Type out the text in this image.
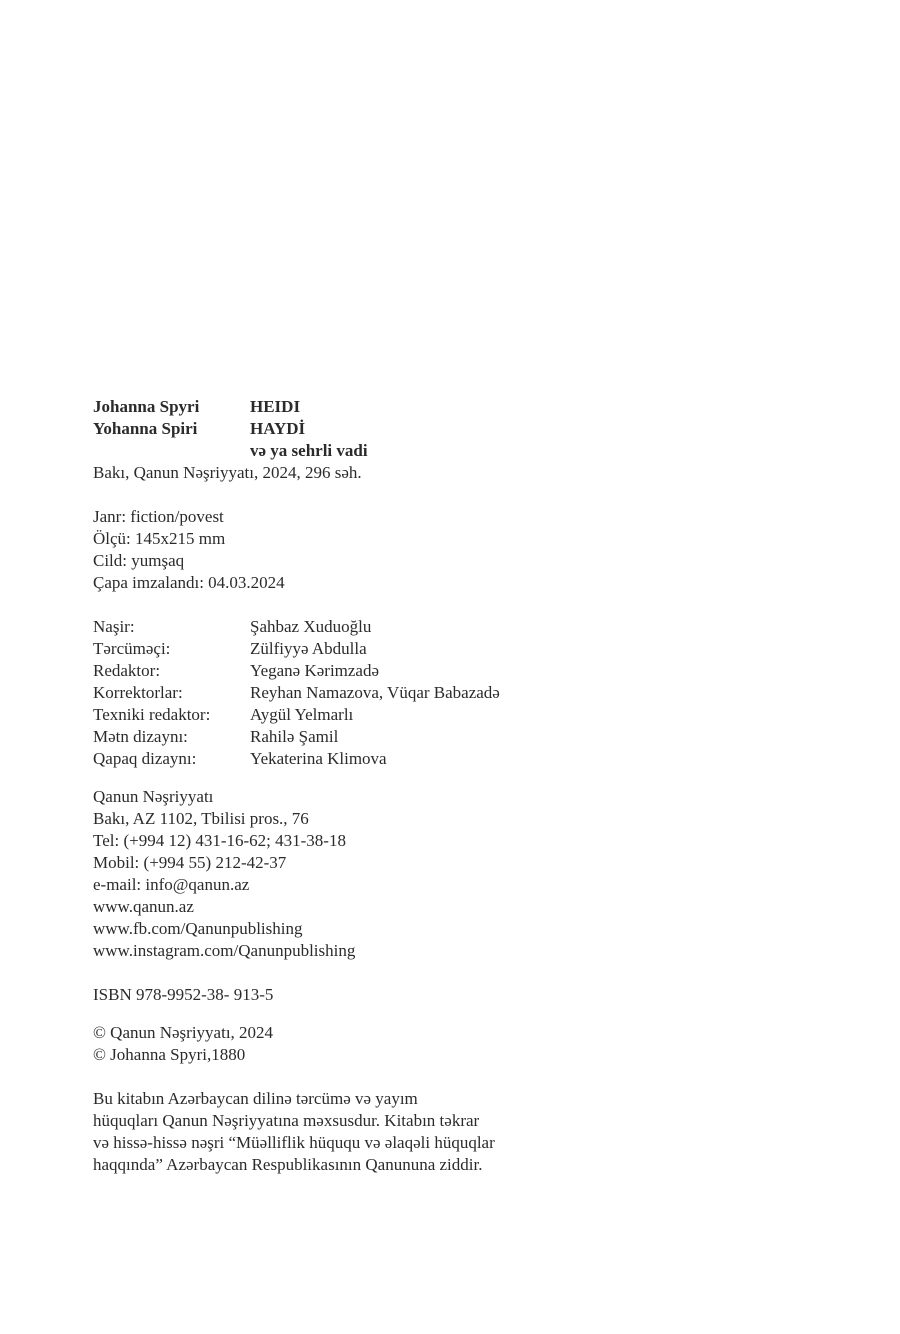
Johanna Spyri	HEIDI
Yohanna Spiri	HAYDİ
və ya sehrli vadi
Bakı, Qanun Nəşriyyatı, 2024, 296 səh.
Janr: fiction/povest
Ölçü: 145x215 mm
Cild: yumşaq
Çapa imzalandı: 04.03.2024
Naşir:	Şahbaz Xuduoğlu
Tərcüməçi:	Zülfiyyə Abdulla
Redaktor:	Yeganə Kərimzadə
Korrektorlar:	Reyhan Namazova, Vüqar Babazadə
Texniki redaktor:	Aygül Yelmarlı
Mətn dizaynı:	Rahilə Şamil
Qapaq dizaynı:	Yekaterina Klimova
Qanun Nəşriyyatı
Bakı, AZ 1102, Tbilisi pros., 76
Tel: (+994 12) 431-16-62; 431-38-18
Mobil: (+994 55) 212-42-37
e-mail: info@qanun.az
www.qanun.az
www.fb.com/Qanunpublishing
www.instagram.com/Qanunpublishing
ISBN 978-9952-38- 913-5
© Qanun Nəşriyyatı, 2024
© Johanna Spyri,1880
Bu kitabın Azərbaycan dilinə tərcümə və yayım
hüquqları Qanun Nəşriyyatına məxsusdur. Kitabın təkrar
və hissə-hissə nəşri “Müəlliflik hüququ və əlaqəli hüquqlar
haqqında” Azərbaycan Respublikasının Qanununa ziddir.
